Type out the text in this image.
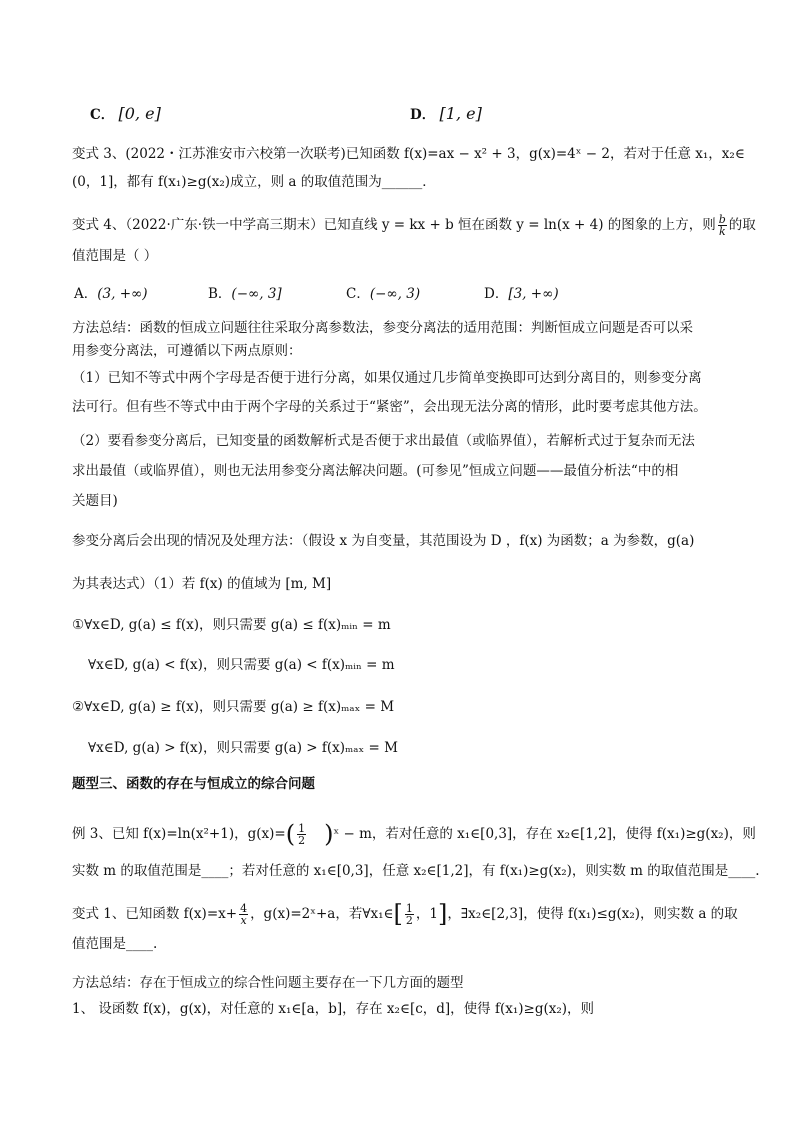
C． [0, e]	D． [1, e]
变式 3、(2022・江苏淮安市六校第一次联考)已知函数 f(x)=ax − x² + 3，g(x)=4ˣ − 2，若对于任意 x₁，x₂∈
(0，1]，都有 f(x₁)≥g(x₂)成立，则 a 的取值范围为______．
变式 4、（2022·广东·铁一中学高三期末）已知直线 y = kx + b 恒在函数 y = ln(x + 4) 的图象的上方，则 $\frac{b}{k}$ 的取
值范围是（ ）
A．(3, +∞)	B．(−∞, 3]	C．(−∞, 3)	D．[3, +∞)
方法总结：函数的恒成立问题往往采取分离参数法，参变分离法的适用范围：判断恒成立问题是否可以采
用参变分离法，可遵循以下两点原则：
（1）已知不等式中两个字母是否便于进行分离，如果仅通过几步简单变换即可达到分离目的，则参变分离
法可行。但有些不等式中由于两个字母的关系过于“紧密”，会出现无法分离的情形，此时要考虑其他方法。
（2）要看参变分离后，已知变量的函数解析式是否便于求出最值（或临界值），若解析式过于复杂而无法
求出最值（或临界值），则也无法用参变分离法解决问题。(可参见”恒成立问题——最值分析法“中的相
关题目)
参变分离后会出现的情况及处理方法：（假设 x 为自变量，其范围设为 D ，f(x) 为函数；a 为参数，g(a)
为其表达式）（1）若 f(x) 的值域为 [m, M]
①∀x∈D, g(a) ≤ f(x)，则只需要 g(a) ≤ f(x)ₘᵢₙ = m
∀x∈D, g(a) < f(x)，则只需要 g(a) < f(x)ₘᵢₙ = m
②∀x∈D, g(a) ≥ f(x)，则只需要 g(a) ≥ f(x)ₘₐₓ = M
∀x∈D, g(a) > f(x)，则只需要 g(a) > f(x)ₘₐₓ = M
题型三、函数的存在与恒成立的综合问题
例 3、已知 f(x)=ln(x²+1)，$g(x)=( \frac{1}{2}$ )ˣ − m，若对任意的 x₁∈[0,3]，存在 x₂∈[1,2]，使得 f(x₁)≥g(x₂)，则
实数 m 的取值范围是____；若对任意的 x₁∈[0,3]，任意 x₂∈[1,2]，有 f(x₁)≥g(x₂)，则实数 m 的取值范围是____.
变式 1、已知函数 $f(x)=x+ \frac{4}{x}$ ，g(x)=2ˣ+a，若∀x₁∈[ $\frac{1}{2}$ ，1]，∃x₂∈[2,3]，使得 f(x₁)≤g(x₂)，则实数 a 的取
值范围是____.
方法总结：存在于恒成立的综合性问题主要存在一下几方面的题型
1、 设函数 f(x)，g(x)，对任意的 x₁∈[a，b]，存在 x₂∈[c，d]，使得 f(x₁)≥g(x₂)，则
